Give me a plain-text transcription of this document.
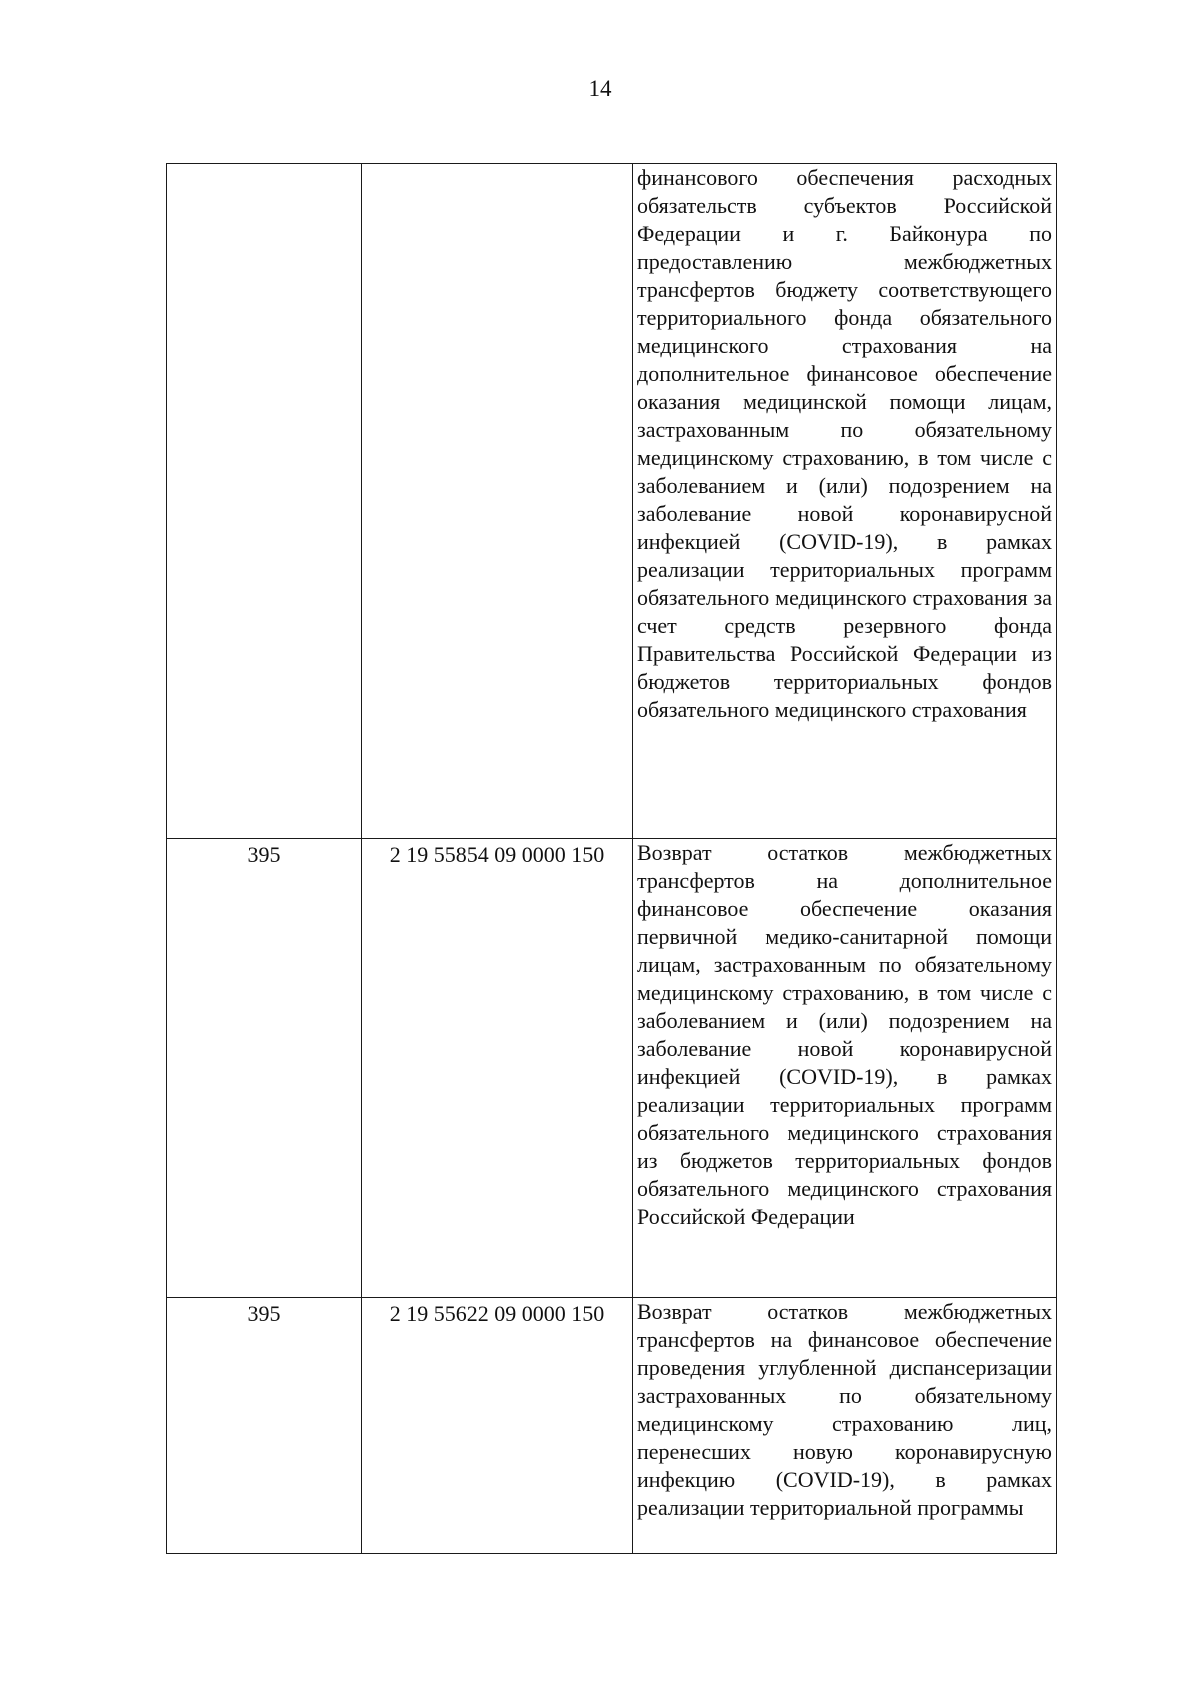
14
		финансового обеспечения расходных обязательств субъектов Российской Федерации и г. Байконура по предоставлению межбюджетных трансфертов бюджету соответствующего территориального фонда обязательного медицинского страхования на дополнительное финансовое обеспечение оказания медицинской помощи лицам, застрахованным по обязательному медицинскому страхованию, в том числе с заболеванием и (или) подозрением на заболевание новой коронавирусной инфекцией (COVID-19), в рамках реализации территориальных программ обязательного медицинского страхования за счет средств резервного фонда Правительства Российской Федерации из бюджетов территориальных фондов обязательного медицинского страхования
395	2 19 55854 09 0000 150	Возврат остатков межбюджетных трансфертов на дополнительное финансовое обеспечение оказания первичной медико-санитарной помощи лицам, застрахованным по обязательному медицинскому страхованию, в том числе с заболеванием и (или) подозрением на заболевание новой коронавирусной инфекцией (COVID-19), в рамках реализации территориальных программ обязательного медицинского страхования из бюджетов территориальных фондов обязательного медицинского страхования Российской Федерации
395	2 19 55622 09 0000 150	Возврат остатков межбюджетных трансфертов на финансовое обеспечение проведения углубленной диспансеризации застрахованных по обязательному медицинскому страхованию лиц, перенесших новую коронавирусную инфекцию (COVID-19), в рамках реализации территориальной программы
